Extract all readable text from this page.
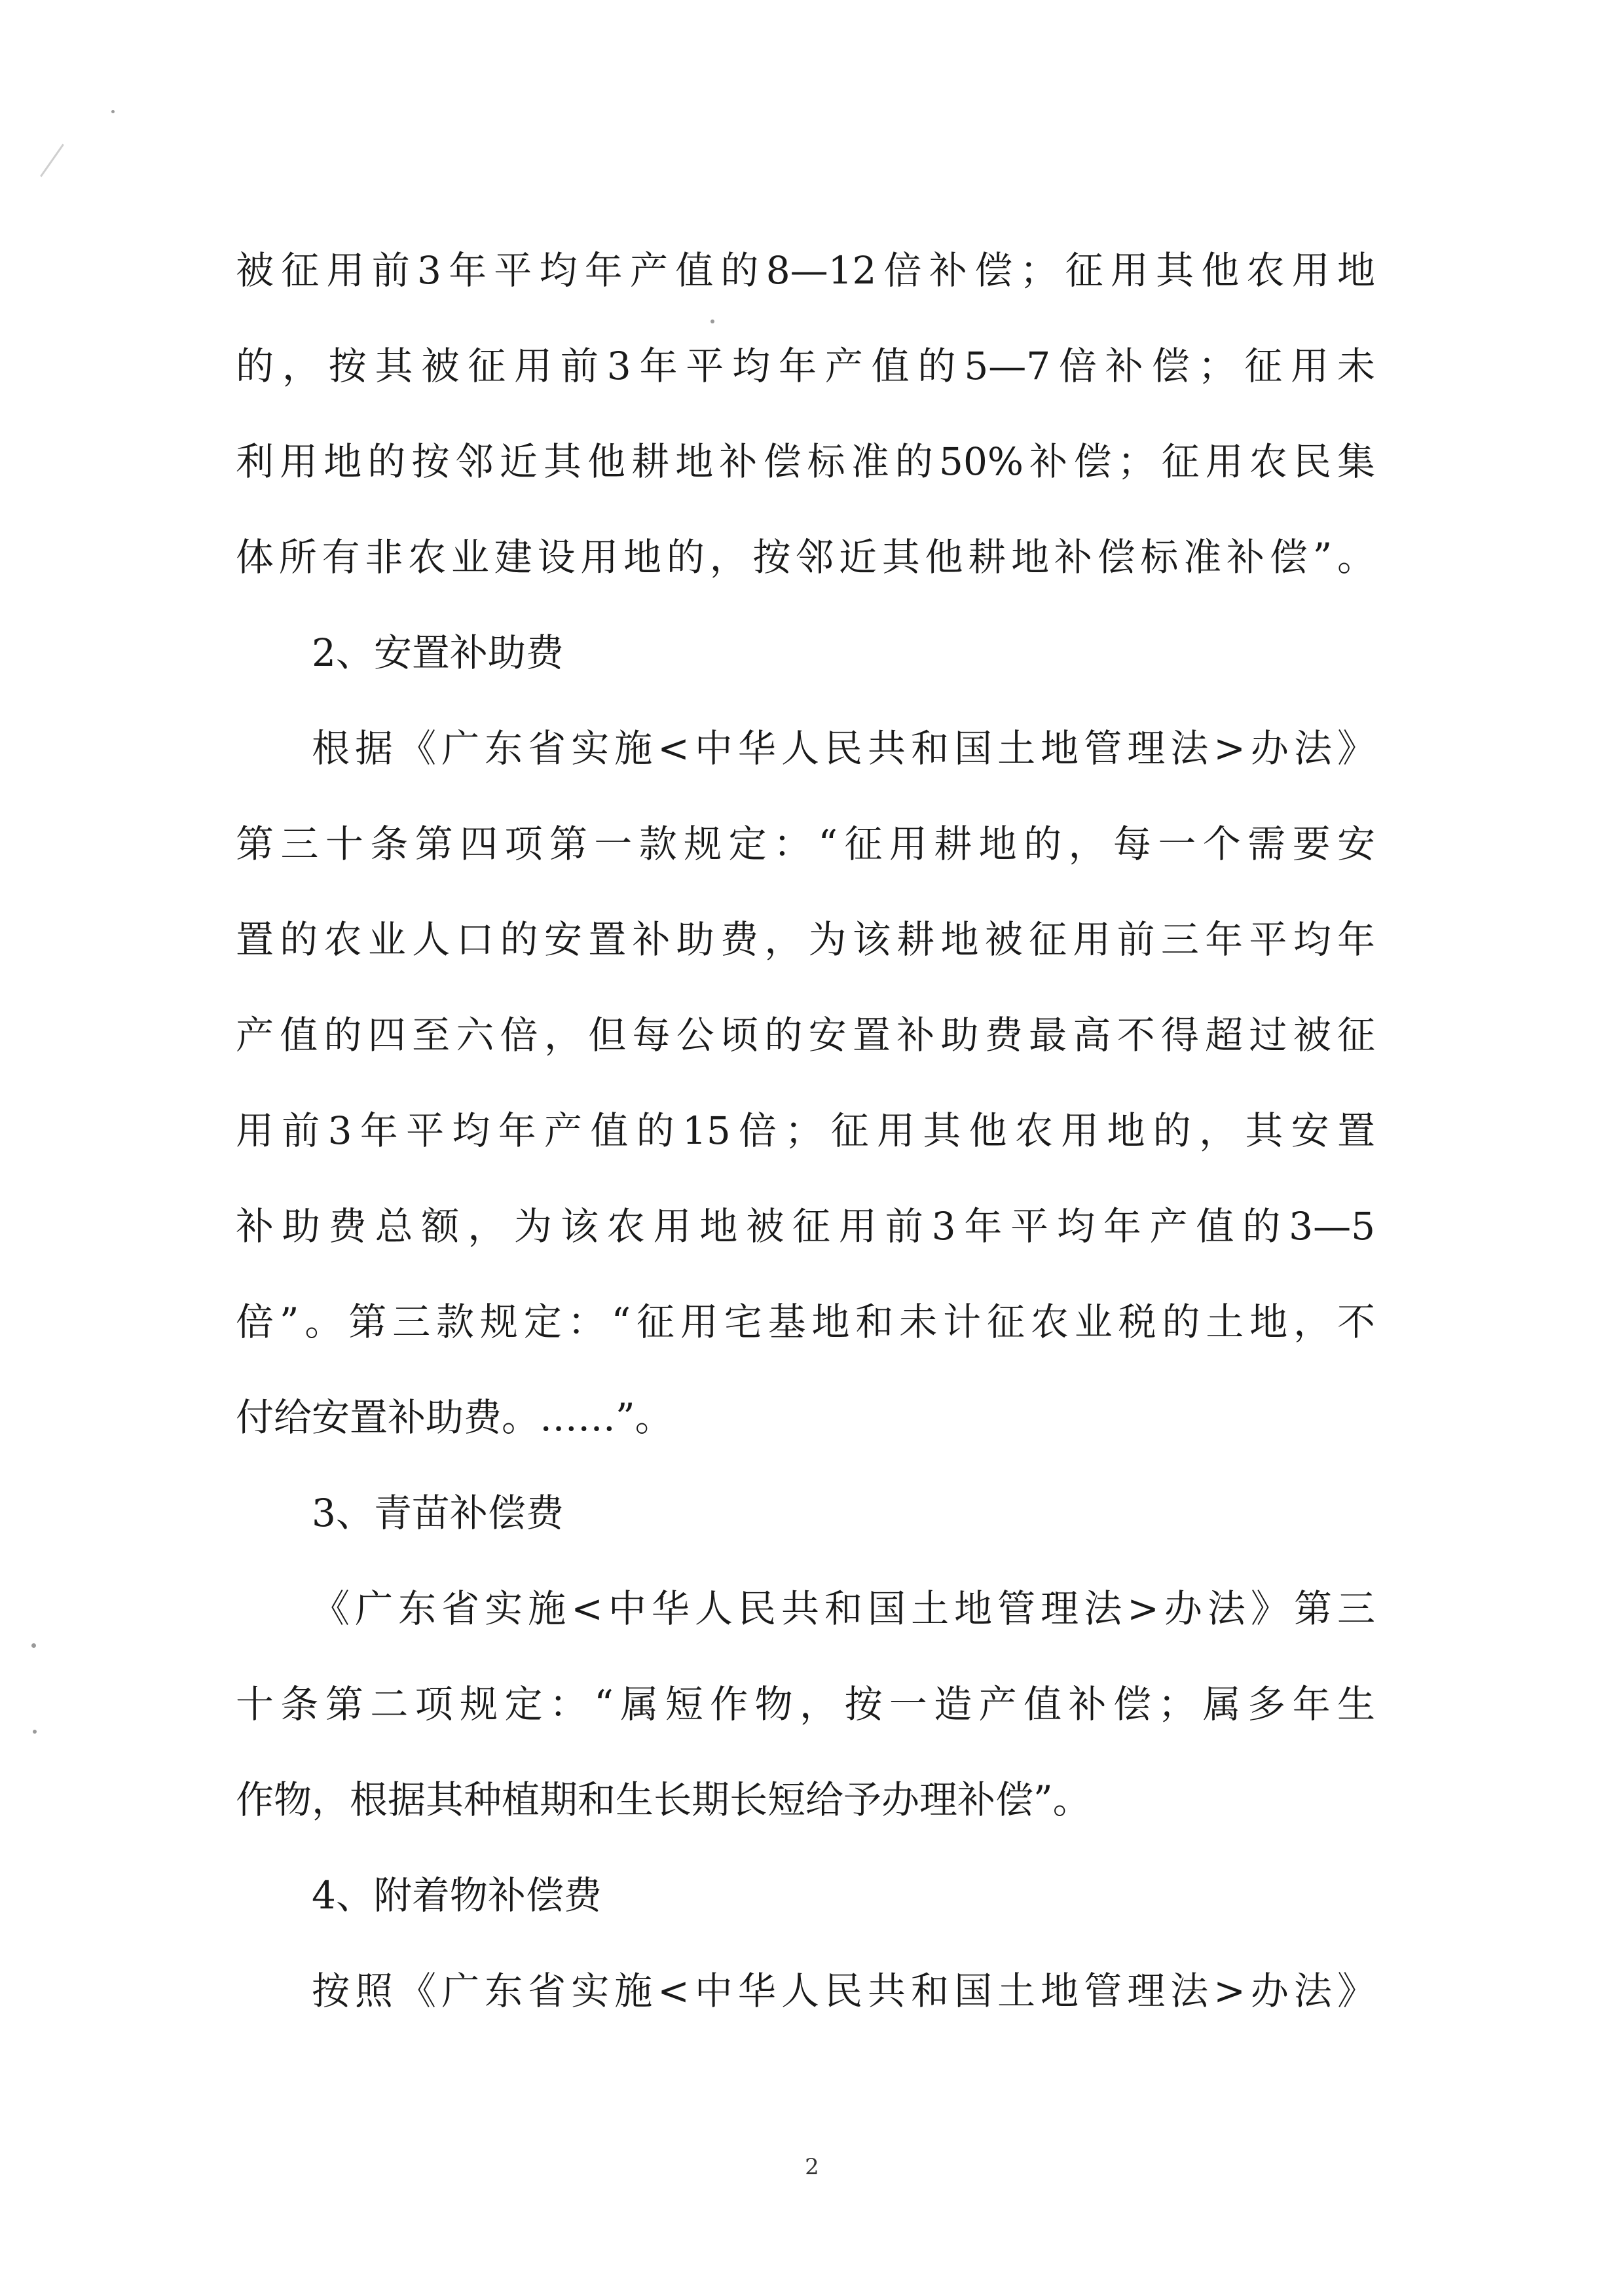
被征用前3年平均年产值的8—12倍补偿；征用其他农用地
的，按其被征用前3年平均年产值的5—7倍补偿；征用未
利用地的按邻近其他耕地补偿标准的50%补偿；征用农民集
体所有非农业建设用地的，按邻近其他耕地补偿标准补偿”。
2、安置补助费
根据《广东省实施<中华人民共和国土地管理法>办法》
第三十条第四项第一款规定：“征用耕地的，每一个需要安
置的农业人口的安置补助费，为该耕地被征用前三年平均年
产值的四至六倍，但每公顷的安置补助费最高不得超过被征
用前3年平均年产值的15倍；征用其他农用地的，其安置
补助费总额，为该农用地被征用前3年平均年产值的3—5
倍”。第三款规定：“征用宅基地和未计征农业税的土地，不
付给安置补助费。……”。
3、青苗补偿费
《广东省实施<中华人民共和国土地管理法>办法》第三
十条第二项规定：“属短作物，按一造产值补偿；属多年生
作物，根据其种植期和生长期长短给予办理补偿”。
4、附着物补偿费
按照《广东省实施<中华人民共和国土地管理法>办法》
2
